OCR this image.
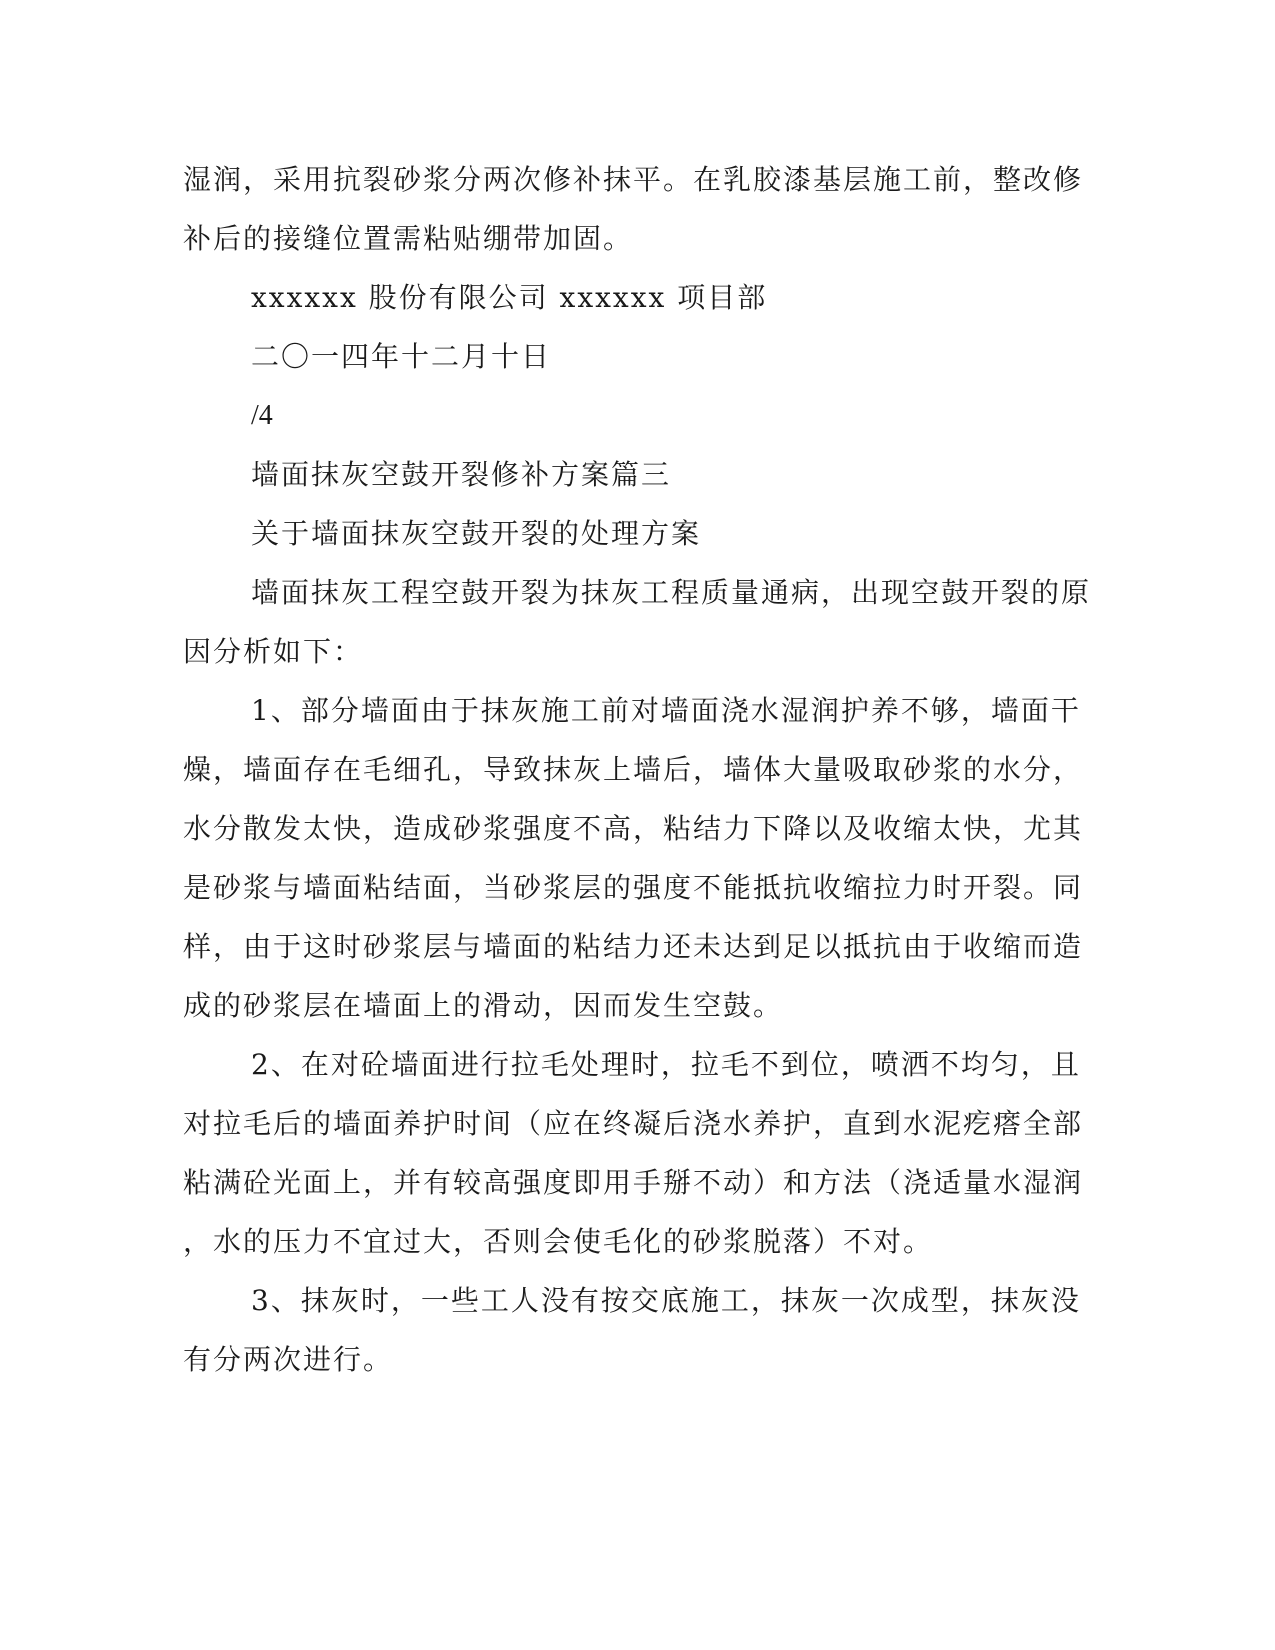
湿润，采用抗裂砂浆分两次修补抹平。在乳胶漆基层施工前，整改修
补后的接缝位置需粘贴绷带加固。
xxxxxx 股份有限公司 xxxxxx 项目部
二〇一四年十二月十日
/4
墙面抹灰空鼓开裂修补方案篇三
关于墙面抹灰空鼓开裂的处理方案
墙面抹灰工程空鼓开裂为抹灰工程质量通病，出现空鼓开裂的原
因分析如下：
1、部分墙面由于抹灰施工前对墙面浇水湿润护养不够，墙面干
燥，墙面存在毛细孔，导致抹灰上墙后，墙体大量吸取砂浆的水分，
水分散发太快，造成砂浆强度不高，粘结力下降以及收缩太快，尤其
是砂浆与墙面粘结面，当砂浆层的强度不能抵抗收缩拉力时开裂。同
样，由于这时砂浆层与墙面的粘结力还未达到足以抵抗由于收缩而造
成的砂浆层在墙面上的滑动，因而发生空鼓。
2、在对砼墙面进行拉毛处理时，拉毛不到位，喷洒不均匀，且
对拉毛后的墙面养护时间（应在终凝后浇水养护，直到水泥疙瘩全部
粘满砼光面上，并有较高强度即用手掰不动）和方法（浇适量水湿润
，水的压力不宜过大，否则会使毛化的砂浆脱落）不对。
3、抹灰时，一些工人没有按交底施工，抹灰一次成型，抹灰没
有分两次进行。
